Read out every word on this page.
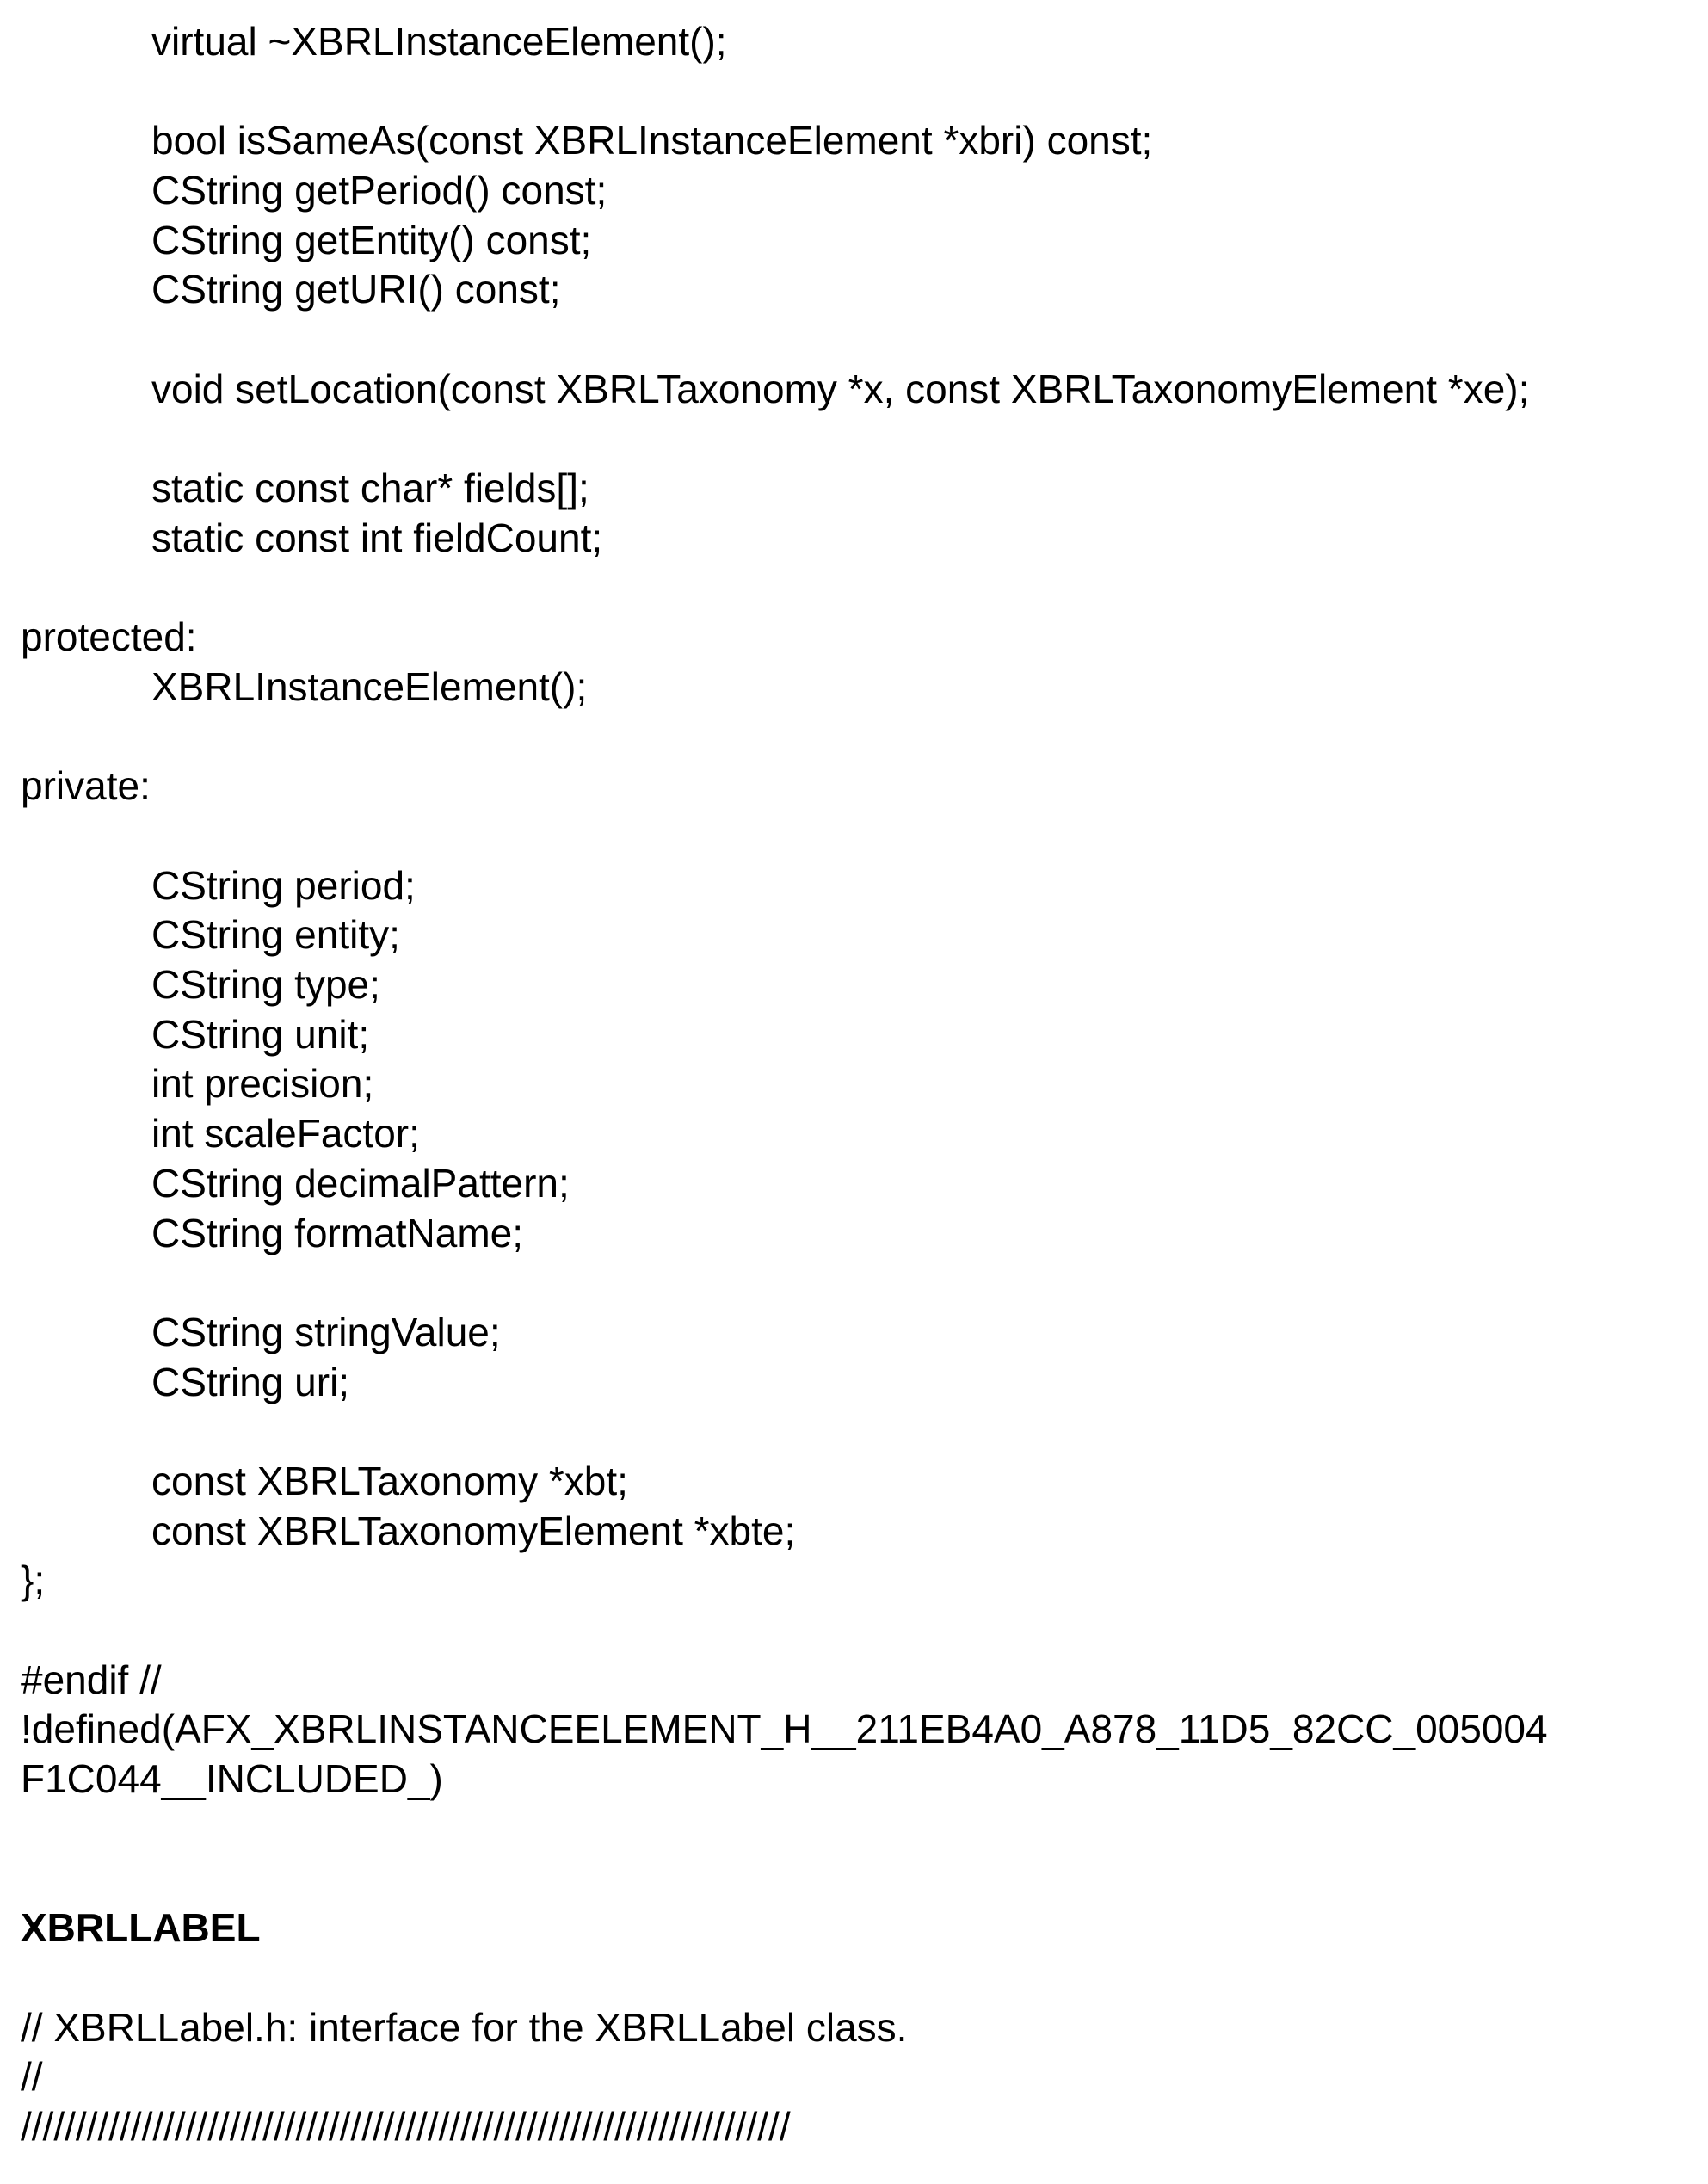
virtual ~XBRLInstanceElement();
bool isSameAs(const XBRLInstanceElement *xbri) const;
CString getPeriod() const;
CString getEntity() const;
CString getURI() const;
void setLocation(const XBRLTaxonomy *x, const XBRLTaxonomyElement *xe);
static const char* fields[];
static const int fieldCount;
protected:
XBRLInstanceElement();
private:
CString period;
CString entity;
CString type;
CString unit;
int precision;
int scaleFactor;
CString decimalPattern;
CString formatName;
CString stringValue;
CString uri;
const XBRLTaxonomy *xbt;
const XBRLTaxonomyElement *xbte;
};
#endif //
!defined(AFX_XBRLINSTANCEELEMENT_H__211EB4A0_A878_11D5_82CC_005004
F1C044__INCLUDED_)
XBRLLABEL
// XBRLLabel.h: interface for the XBRLLabel class.
//
//////////////////////////////////////////////////////////////////////
